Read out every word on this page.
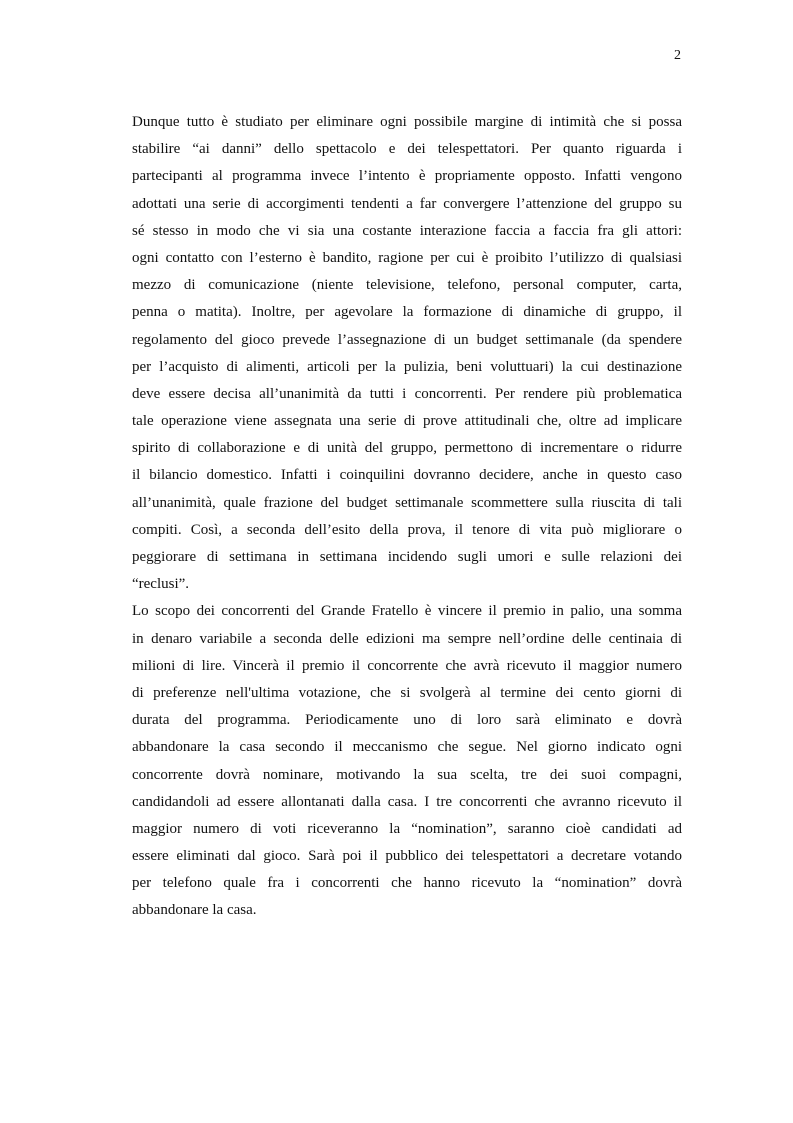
2
Dunque tutto è studiato per eliminare ogni possibile margine di intimità che si possa
stabilire “ai danni” dello spettacolo e dei telespettatori. Per quanto riguarda i
partecipanti al programma invece l’intento è propriamente opposto. Infatti vengono
adottati una serie di accorgimenti tendenti a far convergere l’attenzione del gruppo su
sé stesso in modo che vi sia una costante interazione faccia a faccia fra gli attori:
ogni contatto con l’esterno è bandito, ragione per cui è proibito l’utilizzo di qualsiasi
mezzo di comunicazione (niente televisione, telefono, personal computer, carta,
penna o matita). Inoltre, per agevolare la formazione di dinamiche di gruppo, il
regolamento del gioco prevede l’assegnazione di un budget settimanale (da spendere
per l’acquisto di alimenti, articoli per la pulizia, beni voluttuari) la cui destinazione
deve essere decisa all’unanimità da tutti i concorrenti. Per rendere più problematica
tale operazione viene assegnata una serie di prove attitudinali che, oltre ad implicare
spirito di collaborazione e di unità del gruppo, permettono di incrementare o ridurre
il bilancio domestico. Infatti i coinquilini dovranno decidere, anche in questo caso
all’unanimità, quale frazione del budget settimanale scommettere sulla riuscita di tali
compiti. Così, a seconda dell’esito della prova, il tenore di vita può migliorare o
peggiorare di settimana in settimana incidendo sugli umori e sulle relazioni dei
“reclusi”.
Lo scopo dei concorrenti del Grande Fratello è vincere il premio in palio, una somma
in denaro variabile a seconda delle edizioni ma sempre nell’ordine delle centinaia di
milioni di lire. Vincerà il premio il concorrente che avrà ricevuto il maggior numero
di preferenze nell'ultima votazione, che si svolgerà al termine dei cento giorni di
durata del programma. Periodicamente uno di loro sarà eliminato e dovrà
abbandonare la casa secondo il meccanismo che segue. Nel giorno indicato ogni
concorrente dovrà nominare, motivando la sua scelta, tre dei suoi compagni,
candidandoli ad essere allontanati dalla casa. I tre concorrenti che avranno ricevuto il
maggior numero di voti riceveranno la “nomination”, saranno cioè candidati ad
essere eliminati dal gioco. Sarà poi il pubblico dei telespettatori a decretare votando
per telefono quale fra i concorrenti che hanno ricevuto la “nomination” dovrà
abbandonare la casa.
